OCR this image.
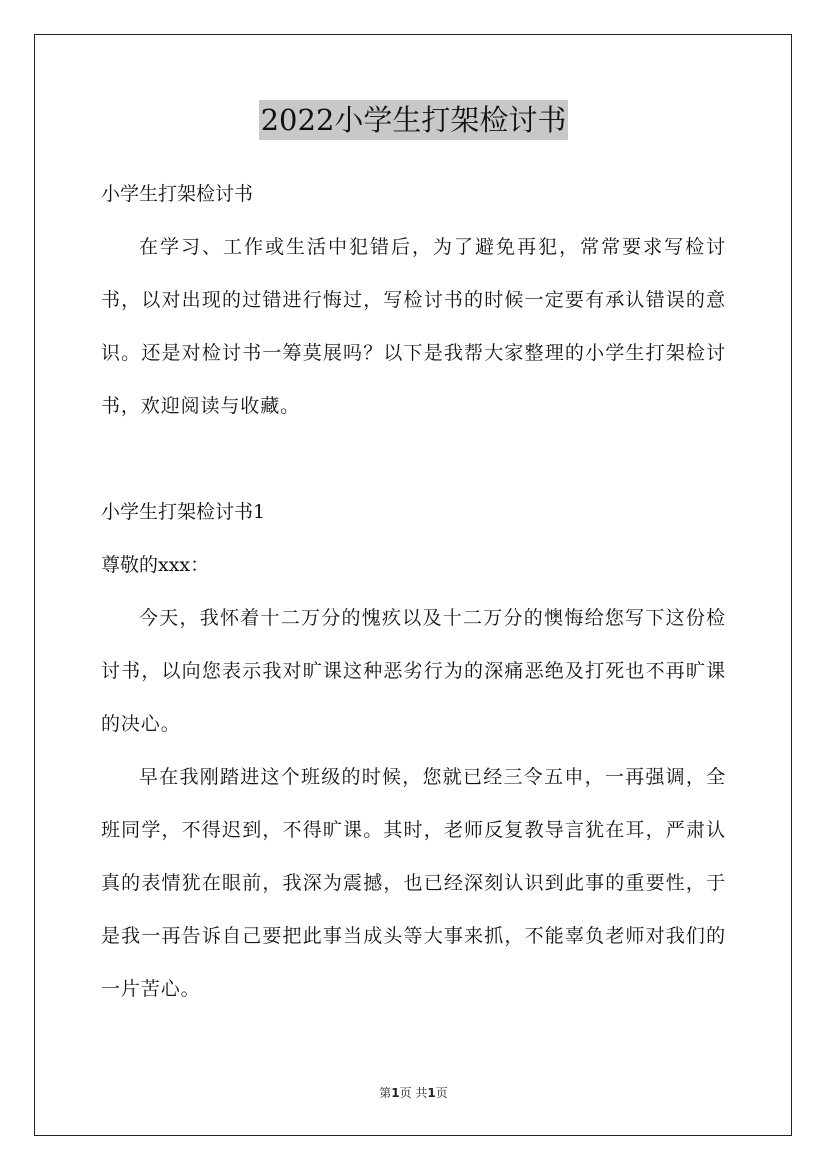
2022小学生打架检讨书

小学生打架检讨书

在学习、工作或生活中犯错后，为了避免再犯，常常要求写检讨书，以对出现的过错进行悔过，写检讨书的时候一定要有承认错误的意识。还是对检讨书一筹莫展吗？以下是我帮大家整理的小学生打架检讨书，欢迎阅读与收藏。

小学生打架检讨书1

尊敬的xxx：

今天，我怀着十二万分的愧疚以及十二万分的懊悔给您写下这份检讨书，以向您表示我对旷课这种恶劣行为的深痛恶绝及打死也不再旷课的决心。

早在我刚踏进这个班级的时候，您就已经三令五申，一再强调，全班同学，不得迟到，不得旷课。其时，老师反复教导言犹在耳，严肃认真的表情犹在眼前，我深为震撼，也已经深刻认识到此事的重要性，于是我一再告诉自己要把此事当成头等大事来抓，不能辜负老师对我们的一片苦心。

第1页 共1页
